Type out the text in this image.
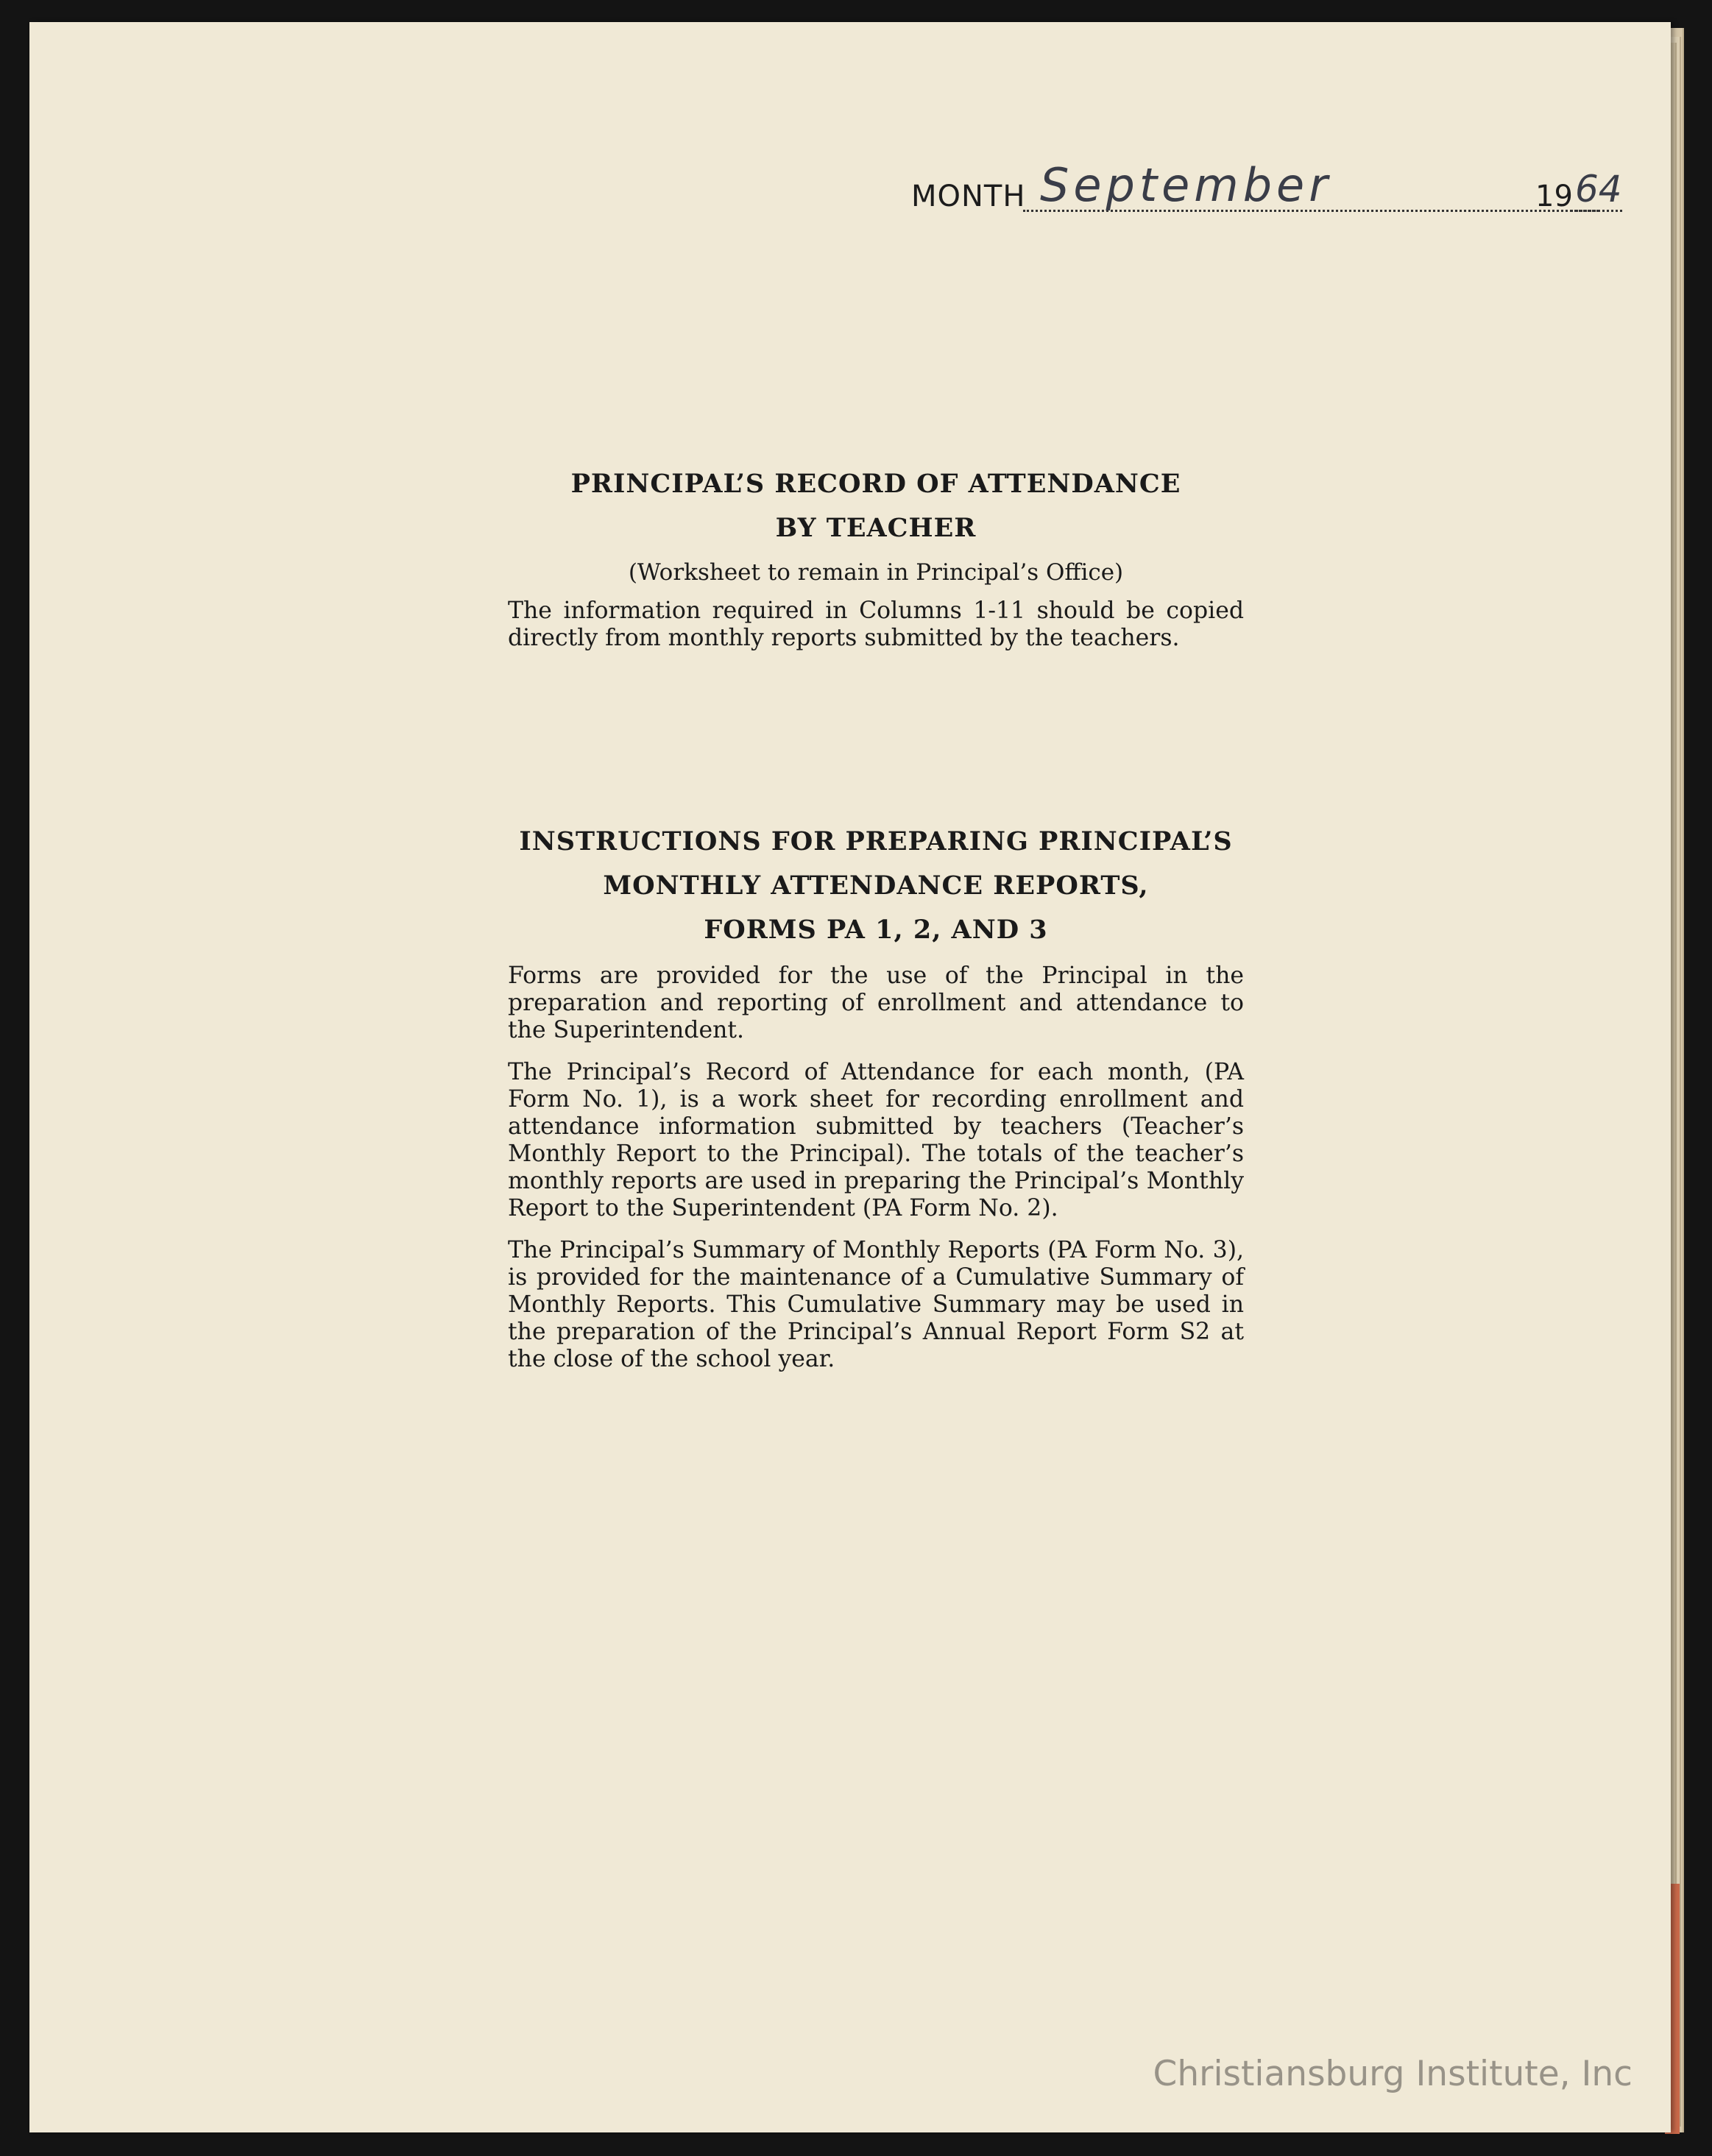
MONTH September	19 64

PRINCIPAL’S RECORD OF ATTENDANCE

BY TEACHER

(Worksheet to remain in Principal’s Office)

The information required in Columns 1-11 should be copied directly from monthly reports submitted by the teachers.

INSTRUCTIONS FOR PREPARING PRINCIPAL’S

MONTHLY ATTENDANCE REPORTS,

FORMS PA 1, 2, AND 3

Forms are provided for the use of the Principal in the preparation and reporting of enrollment and attendance to the Superintendent.

The Principal’s Record of Attendance for each month, (PA Form No. 1), is a work sheet for recording enrollment and attendance information submitted by teachers (Teacher’s Monthly Report to the Principal). The totals of the teacher’s monthly reports are used in preparing the Principal’s Monthly Report to the Superintendent (PA Form No. 2).

The Principal’s Summary of Monthly Reports (PA Form No. 3), is provided for the maintenance of a Cumulative Summary of Monthly Reports. This Cumulative Summary may be used in the preparation of the Principal’s Annual Report Form S2 at the close of the school year.

Christiansburg Institute, Inc
